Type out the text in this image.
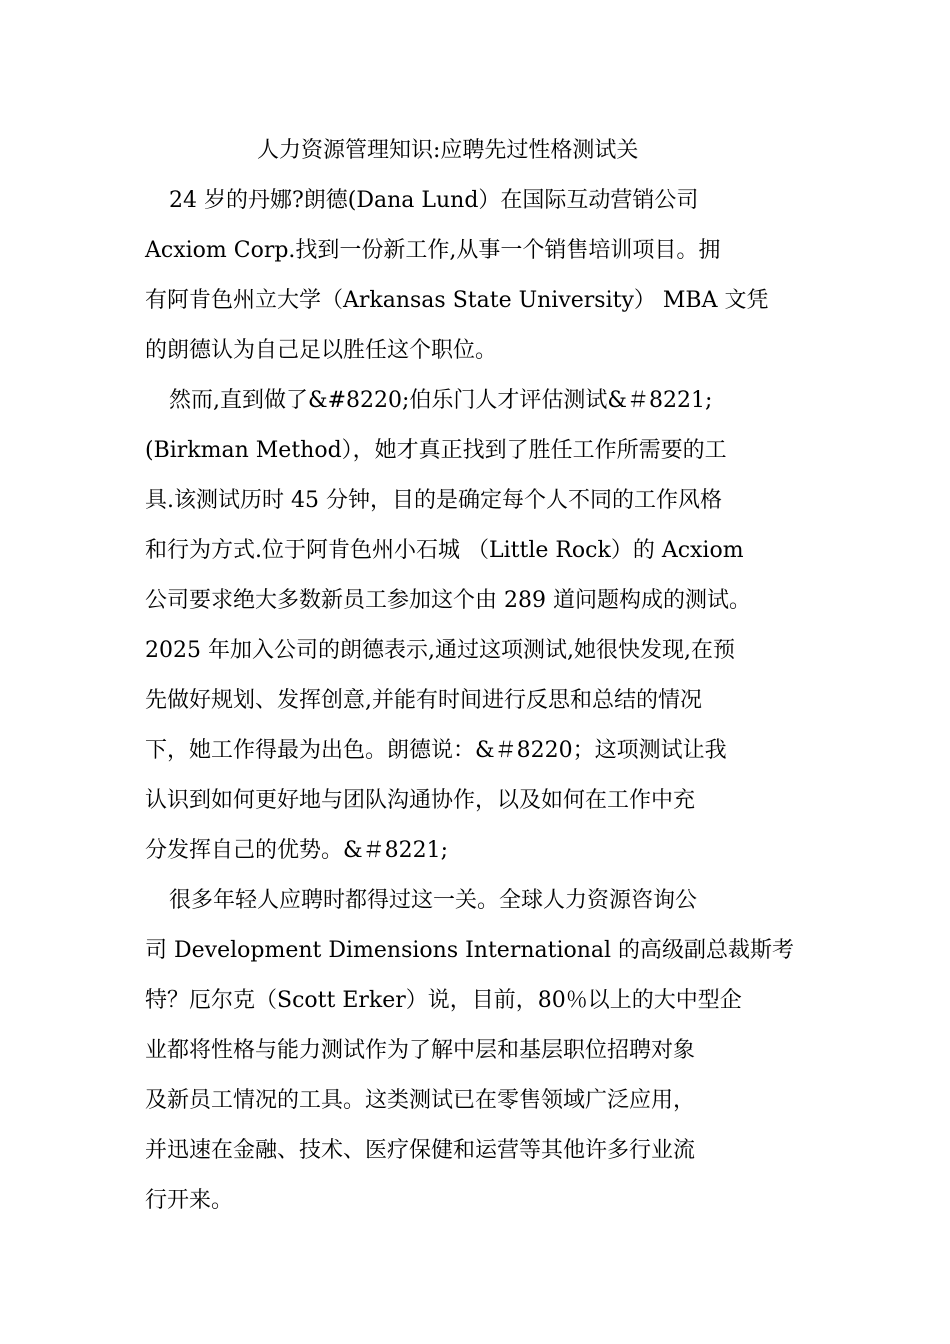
人力资源管理知识:应聘先过性格测试关
24 岁的丹娜?朗德(Dana Lund）在国际互动营销公司
Acxiom Corp.找到一份新工作,从事一个销售培训项目。拥
有阿肯色州立大学（Arkansas State University） MBA 文凭
的朗德认为自己足以胜任这个职位。
然而,直到做了&#8220;伯乐门人才评估测试&＃8221;
(Birkman Method），她才真正找到了胜任工作所需要的工
具.该测试历时 45 分钟，目的是确定每个人不同的工作风格
和行为方式.位于阿肯色州小石城 （Little Rock）的 Acxiom
公司要求绝大多数新员工参加这个由 289 道问题构成的测试。
2025 年加入公司的朗德表示,通过这项测试,她很快发现,在预
先做好规划、发挥创意,并能有时间进行反思和总结的情况
下，她工作得最为出色。朗德说：&＃8220；这项测试让我
认识到如何更好地与团队沟通协作，以及如何在工作中充
分发挥自己的优势。&＃8221;
很多年轻人应聘时都得过这一关。全球人力资源咨询公
司 Development Dimensions International 的高级副总裁斯考
特？厄尔克（Scott Erker）说，目前，80％以上的大中型企
业都将性格与能力测试作为了解中层和基层职位招聘对象
及新员工情况的工具。这类测试已在零售领域广泛应用，
并迅速在金融、技术、医疗保健和运营等其他许多行业流
行开来。
